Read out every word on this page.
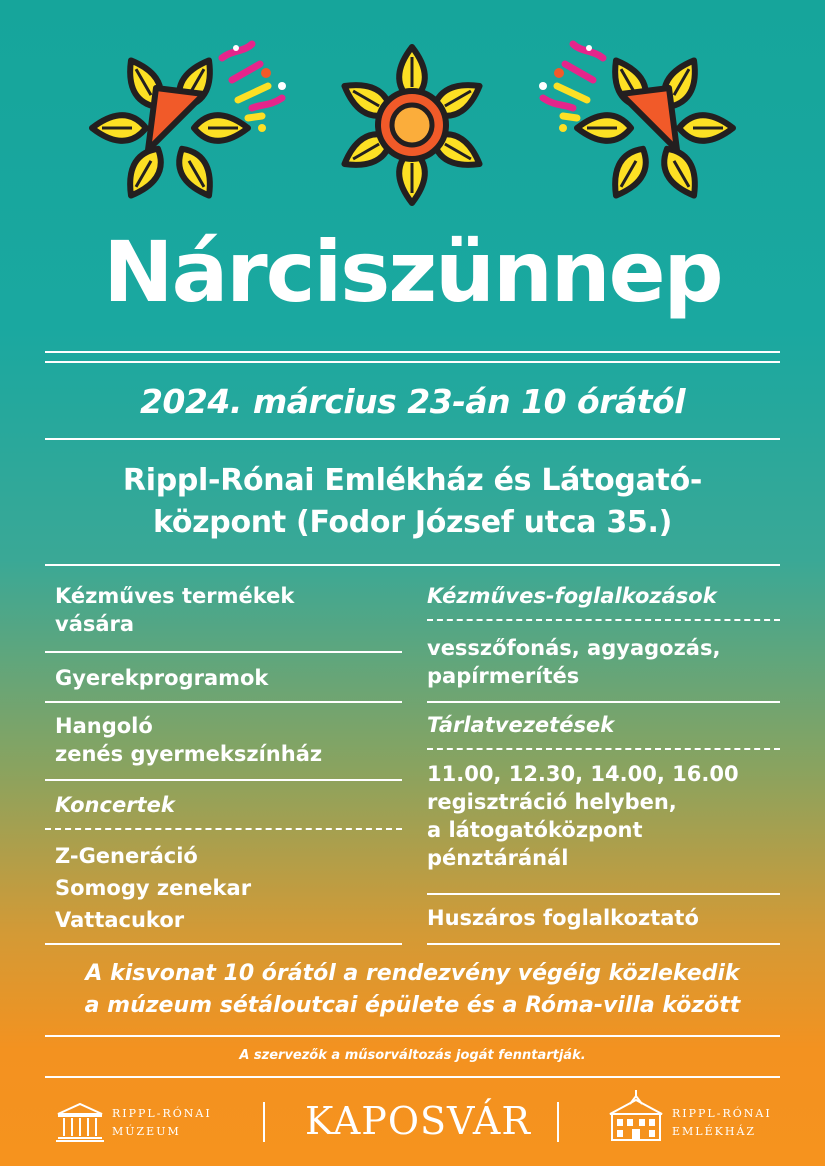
Nárciszünnep
2024. március 23-án 10 órától
Rippl-Rónai Emlékház és Látogató-
központ (Fodor József utca 35.)
Kézműves termékek
vására
Gyerekprogramok
Hangoló
zenés gyermekszínház
Koncertek
Z-Generáció
Somogy zenekar
Vattacukor
Kézműves-foglalkozások
vesszőfonás, agyagozás,
papírmerítés
Tárlatvezetések
11.00, 12.30, 14.00, 16.00
regisztráció helyben,
a látogatóközpont
pénztáránál
Huszáros foglalkoztató
A kisvonat 10 órától a rendezvény végéig közlekedik
a múzeum sétáloutcai épülete és a Róma-villa között
A szervezők a műsorváltozás jogát fenntartják.
RIPPL-RÓNAI
MÚZEUM	KAPOSVÁR	RIPPL-RÓNAI
EMLÉKHÁZ
